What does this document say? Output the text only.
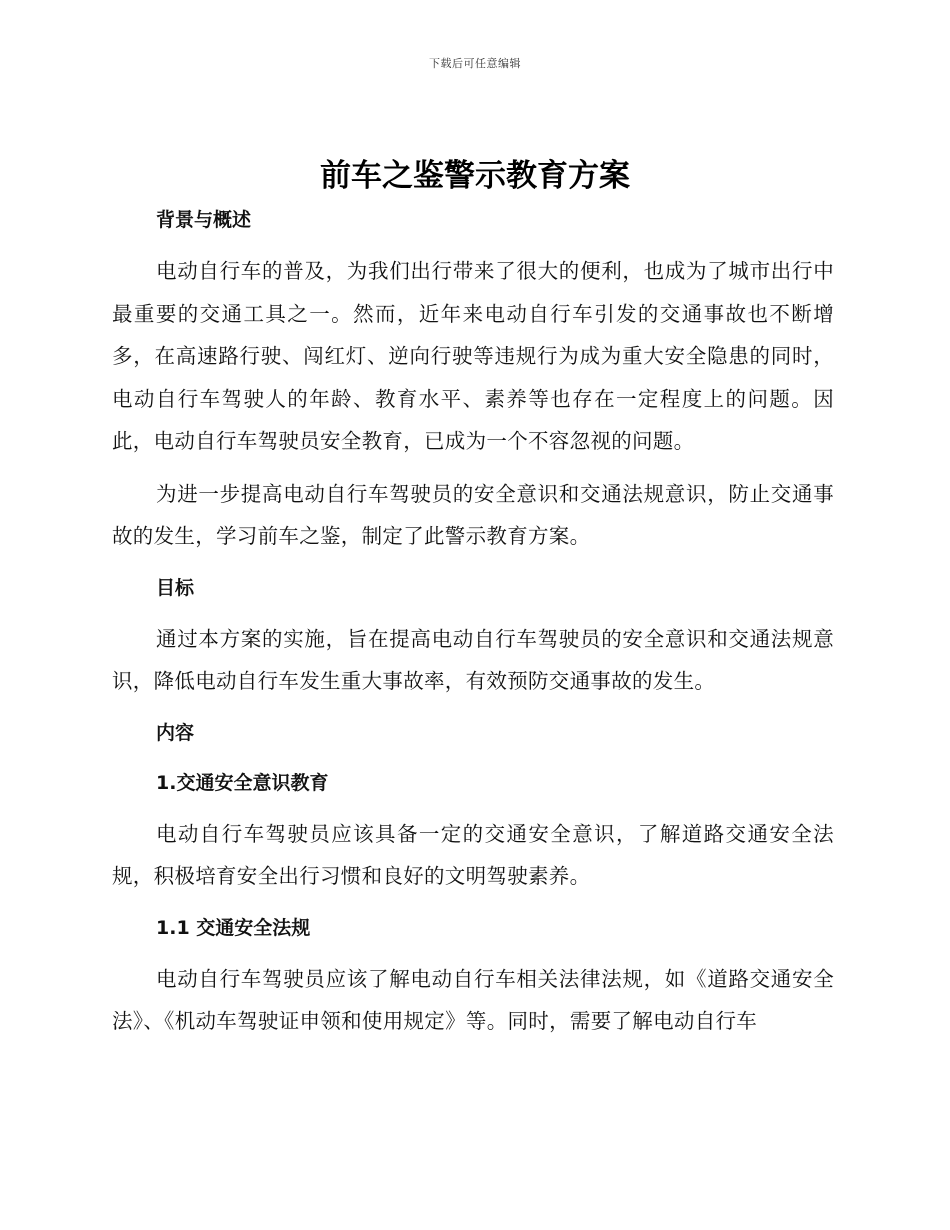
下载后可任意编辑
前车之鉴警示教育方案
背景与概述

电动自行车的普及，为我们出行带来了很大的便利，也成为了城市出行中最重要的交通工具之一。然而，近年来电动自行车引发的交通事故也不断增多，在高速路行驶、闯红灯、逆向行驶等违规行为成为重大安全隐患的同时，电动自行车驾驶人的年龄、教育水平、素养等也存在一定程度上的问题。因此，电动自行车驾驶员安全教育，已成为一个不容忽视的问题。

为进一步提高电动自行车驾驶员的安全意识和交通法规意识，防止交通事故的发生，学习前车之鉴，制定了此警示教育方案。

目标

通过本方案的实施，旨在提高电动自行车驾驶员的安全意识和交通法规意识，降低电动自行车发生重大事故率，有效预防交通事故的发生。

内容
1.交通安全意识教育

电动自行车驾驶员应该具备一定的交通安全意识，了解道路交通安全法规，积极培育安全出行习惯和良好的文明驾驶素养。

1.1 交通安全法规

电动自行车驾驶员应该了解电动自行车相关法律法规，如《道路交通安全法》、《机动车驾驶证申领和使用规定》等。同时，需要了解电动自行车
